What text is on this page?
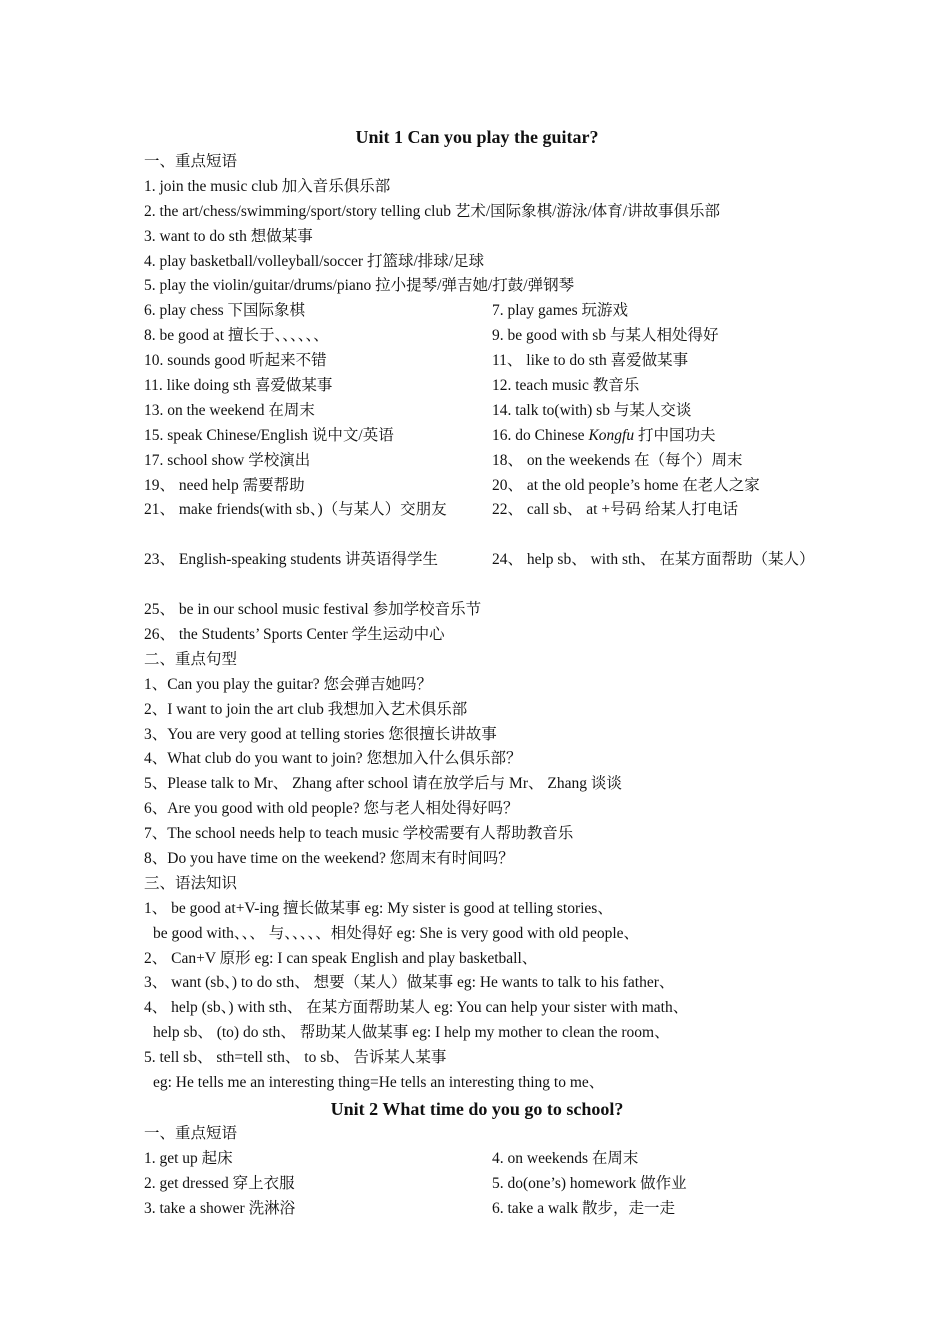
Unit 1 Can you play the guitar?
一、重点短语
1. join the music club 加入音乐俱乐部
2. the art/chess/swimming/sport/story telling club 艺术/国际象棋/游泳/体育/讲故事俱乐部
3. want to do sth 想做某事
4. play basketball/volleyball/soccer 打篮球/排球/足球
5. play the violin/guitar/drums/piano 拉小提琴/弹吉她/打鼓/弹钢琴
6. play chess 下国际象棋	7. play games 玩游戏
8. be good at 擅长于、、、、、、	9. be good with sb 与某人相处得好
10. sounds good 听起来不错	11、 like to do sth 喜爱做某事
11. like doing sth 喜爱做某事	12. teach music 教音乐
13. on the weekend 在周末	14. talk to(with) sb 与某人交谈
15. speak Chinese/English 说中文/英语	16. do Chinese Kongfu 打中国功夫
17. school show 学校演出	18、 on the weekends 在（每个）周末
19、 need help 需要帮助	20、 at the old people’s home 在老人之家
21、 make friends(with sb、)（与某人）交朋友	22、 call sb、 at +号码 给某人打电话
23、 English-speaking students 讲英语得学生	24、 help sb、 with sth、 在某方面帮助（某人）
25、 be in our school music festival 参加学校音乐节
26、 the Students’ Sports Center 学生运动中心
二、重点句型
1、Can you play the guitar? 您会弹吉她吗？
2、I want to join the art club 我想加入艺术俱乐部
3、You are very good at telling stories 您很擅长讲故事
4、What club do you want to join? 您想加入什么俱乐部？
5、Please talk to Mr、 Zhang after school 请在放学后与 Mr、 Zhang 谈谈
6、Are you good with old people? 您与老人相处得好吗？
7、The school needs help to teach music 学校需要有人帮助教音乐
8、Do you have time on the weekend? 您周末有时间吗？
三、语法知识
1、 be good at+V-ing 擅长做某事 eg: My sister is good at telling stories、
be good with、、、 与、、、、、相处得好 eg: She is very good with old people、
2、 Can+V 原形 eg: I can speak English and play basketball、
3、 want (sb、) to do sth、 想要（某人）做某事 eg: He wants to talk to his father、
4、 help (sb、) with sth、 在某方面帮助某人 eg: You can help your sister with math、
help sb、 (to) do sth、 帮助某人做某事 eg: I help my mother to clean the room、
5. tell sb、 sth=tell sth、 to sb、 告诉某人某事
eg: He tells me an interesting thing=He tells an interesting thing to me、
Unit 2 What time do you go to school?
一、重点短语
1. get up 起床	4. on weekends 在周末
2. get dressed 穿上衣服	5. do(one’s) homework 做作业
3. take a shower 洗淋浴	6. take a walk 散步，走一走
